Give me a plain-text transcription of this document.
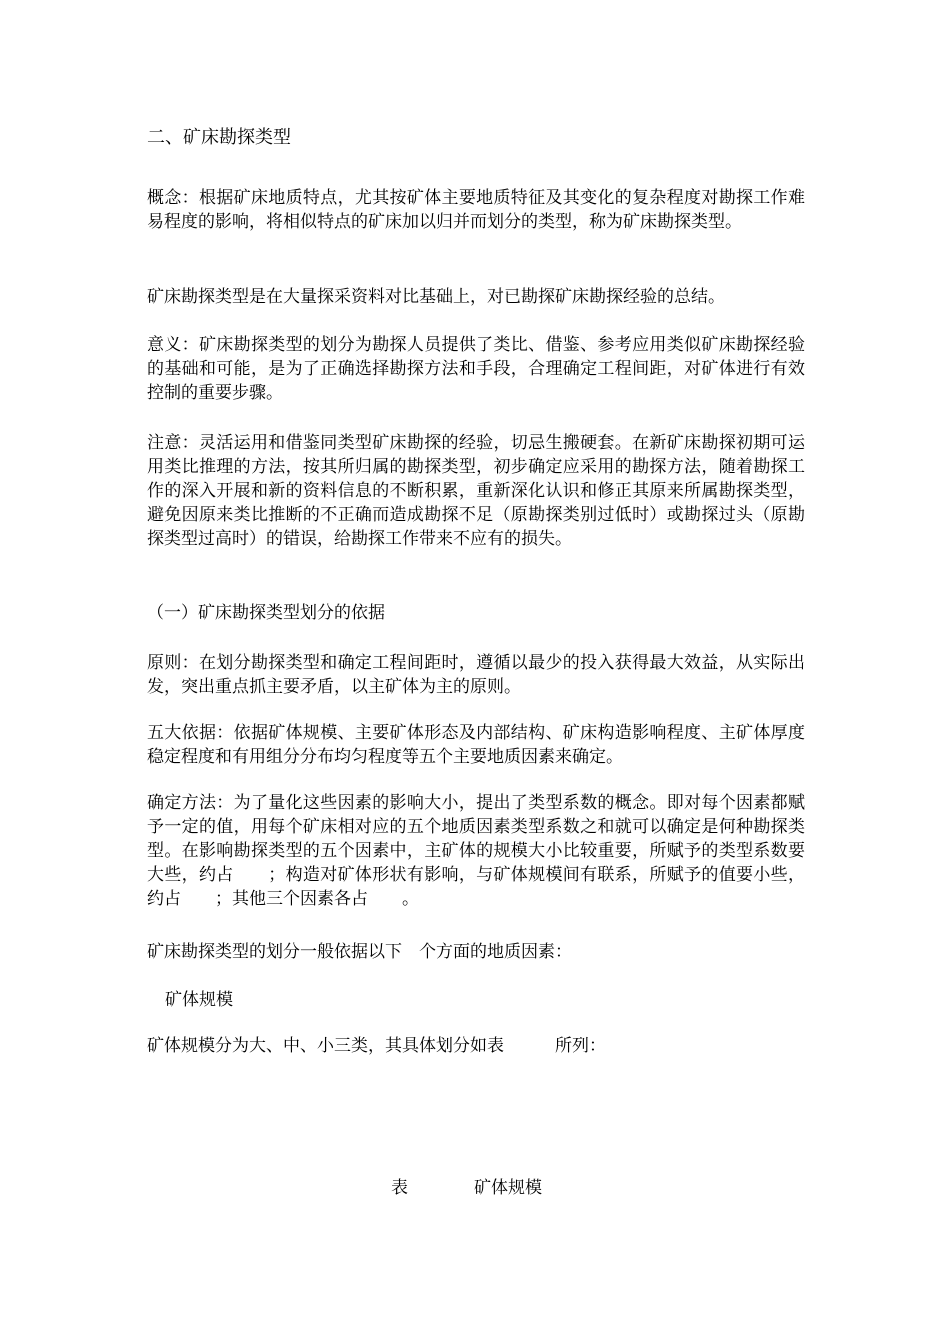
二、矿床勘探类型

概念：根据矿床地质特点，尤其按矿体主要地质特征及其变化的复杂程度对勘探工作难易程度的影响，将相似特点的矿床加以归并而划分的类型，称为矿床勘探类型。

矿床勘探类型是在大量探采资料对比基础上，对已勘探矿床勘探经验的总结。

意义：矿床勘探类型的划分为勘探人员提供了类比、借鉴、参考应用类似矿床勘探经验的基础和可能，是为了正确选择勘探方法和手段，合理确定工程间距，对矿体进行有效控制的重要步骤。

注意：灵活运用和借鉴同类型矿床勘探的经验，切忌生搬硬套。在新矿床勘探初期可运用类比推理的方法，按其所归属的勘探类型，初步确定应采用的勘探方法，随着勘探工作的深入开展和新的资料信息的不断积累，重新深化认识和修正其原来所属勘探类型，避免因原来类比推断的不正确而造成勘探不足（原勘探类别过低时）或勘探过头（原勘探类型过高时）的错误，给勘探工作带来不应有的损失。

（一）矿床勘探类型划分的依据

原则：在划分勘探类型和确定工程间距时，遵循以最少的投入获得最大效益，从实际出发，突出重点抓主要矛盾，以主矿体为主的原则。

五大依据：依据矿体规模、主要矿体形态及内部结构、矿床构造影响程度、主矿体厚度稳定程度和有用组分分布均匀程度等五个主要地质因素来确定。

确定方法：为了量化这些因素的影响大小，提出了类型系数的概念。即对每个因素都赋予一定的值，用每个矿床相对应的五个地质因素类型系数之和就可以确定是何种勘探类型。在影响勘探类型的五个因素中，主矿体的规模大小比较重要，所赋予的类型系数要大些，约占　　；构造对矿体形状有影响，与矿体规模间有联系，所赋予的值要小些，约占　　；其他三个因素各占　　。

矿床勘探类型的划分一般依据以下　个方面的地质因素：

矿体规模

矿体规模分为大、中、小三类，其具体划分如表　　　所列：

表	矿体规模
